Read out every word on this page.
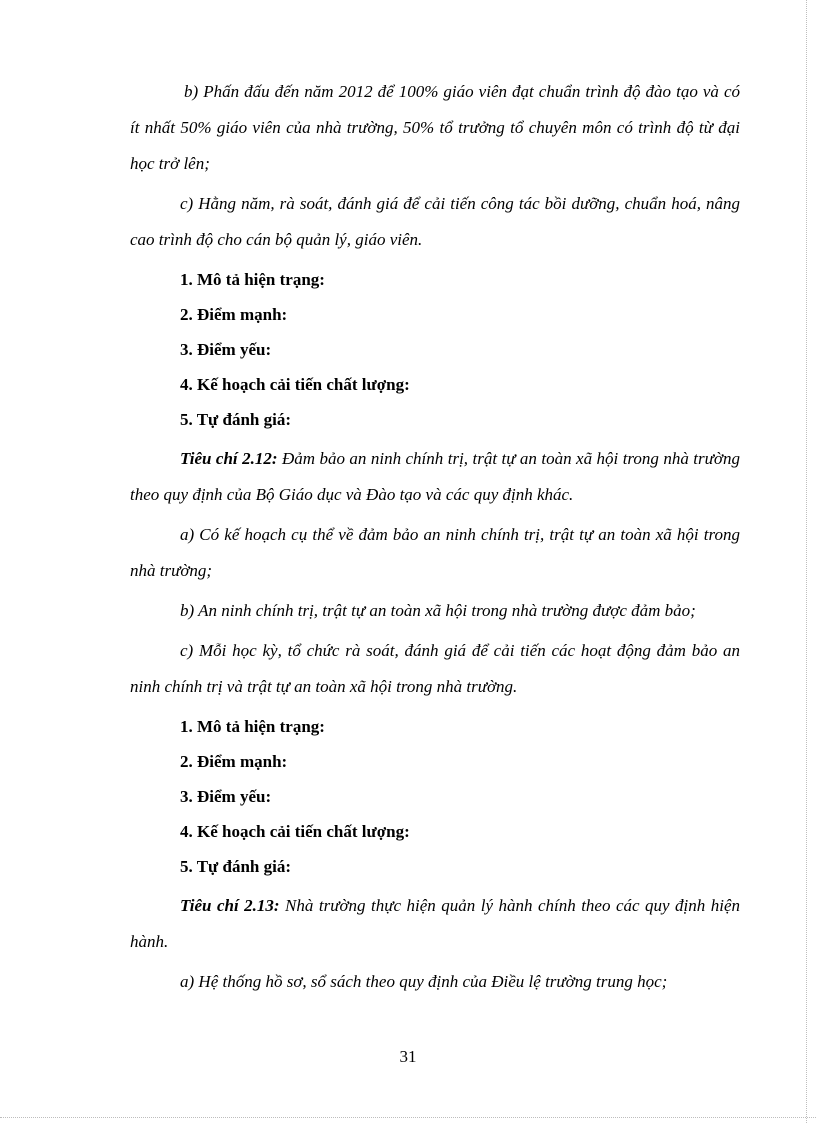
b) Phấn đấu đến năm 2012 để 100% giáo viên đạt chuẩn trình độ đào tạo và có ít nhất 50% giáo viên của nhà trường, 50% tổ trưởng tổ chuyên môn có trình độ từ đại học trở lên;

c) Hằng năm, rà soát, đánh giá để cải tiến công tác bồi dưỡng, chuẩn hoá, nâng cao trình độ cho cán bộ quản lý, giáo viên.

1. Mô tả hiện trạng:
2. Điểm mạnh:
3. Điểm yếu:
4. Kế hoạch cải tiến chất lượng:
5. Tự đánh giá:

Tiêu chí 2.12: Đảm bảo an ninh chính trị, trật tự an toàn xã hội trong nhà trường theo quy định của Bộ Giáo dục và Đào tạo và các quy định khác.

a) Có kế hoạch cụ thể về đảm bảo an ninh chính trị, trật tự an toàn xã hội trong nhà trường;

b) An ninh chính trị, trật tự an toàn xã hội trong nhà trường được đảm bảo;

c) Mỗi học kỳ, tổ chức rà soát, đánh giá để cải tiến các hoạt động đảm bảo an ninh chính trị và trật tự an toàn xã hội trong nhà trường.

1. Mô tả hiện trạng:
2. Điểm mạnh:
3. Điểm yếu:
4. Kế hoạch cải tiến chất lượng:
5. Tự đánh giá:

Tiêu chí 2.13: Nhà trường thực hiện quản lý hành chính theo các quy định hiện hành.

a) Hệ thống hồ sơ, sổ sách theo quy định của Điều lệ trường trung học;

31
